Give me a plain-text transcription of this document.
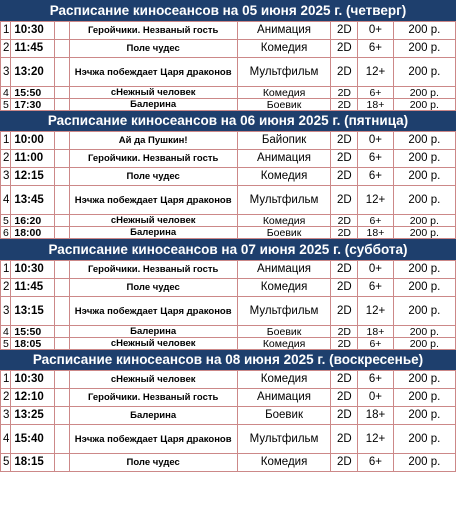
Расписание киносеансов на 05 июня 2025 г. (четверг)
1	10:30		Геройчики. Незваный гость	Анимация	2D	0+	200 р.
2	11:45		Поле чудес	Комедия	2D	6+	200 р.
3	13:20		Нэчжа побеждает Царя драконов	Мультфильм	2D	12+	200 р.
4	15:50		сНежный человек	Комедия	2D	6+	200 р.
5	17:30		Балерина	Боевик	2D	18+	200 р.
Расписание киносеансов на 06 июня 2025 г. (пятница)
1	10:00		Ай да Пушкин!	Байопик	2D	0+	200 р.
2	11:00		Геройчики. Незваный гость	Анимация	2D	6+	200 р.
3	12:15		Поле чудес	Комедия	2D	6+	200 р.
4	13:45		Нэчжа побеждает Царя драконов	Мультфильм	2D	12+	200 р.
5	16:20		сНежный человек	Комедия	2D	6+	200 р.
6	18:00		Балерина	Боевик	2D	18+	200 р.
Расписание киносеансов на 07 июня 2025 г. (суббота)
1	10:30		Геройчики. Незваный гость	Анимация	2D	0+	200 р.
2	11:45		Поле чудес	Комедия	2D	6+	200 р.
3	13:15		Нэчжа побеждает Царя драконов	Мультфильм	2D	12+	200 р.
4	15:50		Балерина	Боевик	2D	18+	200 р.
5	18:05		сНежный человек	Комедия	2D	6+	200 р.
Расписание киносеансов на 08 июня 2025 г. (воскресенье)
1	10:30		сНежный человек	Комедия	2D	6+	200 р.
2	12:10		Геройчики. Незваный гость	Анимация	2D	0+	200 р.
3	13:25		Балерина	Боевик	2D	18+	200 р.
4	15:40		Нэчжа побеждает Царя драконов	Мультфильм	2D	12+	200 р.
5	18:15		Поле чудес	Комедия	2D	6+	200 р.
